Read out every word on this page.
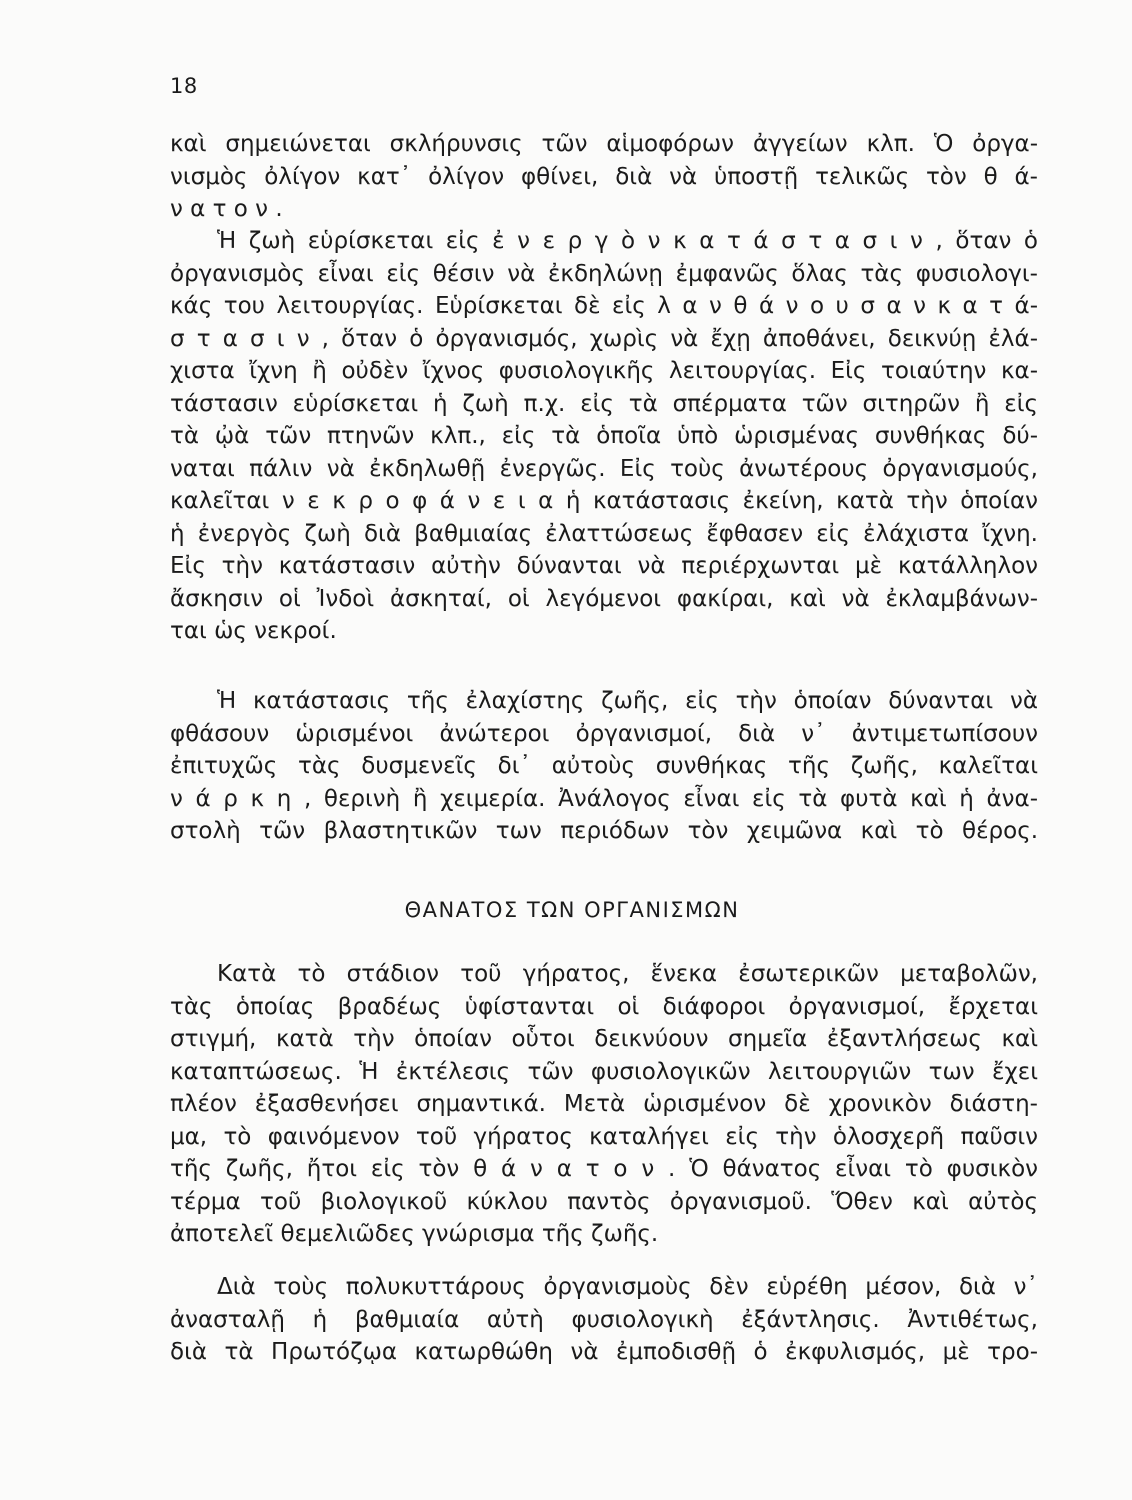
18
καὶ σημειώνεται σκλήρυνσις τῶν αἱμοφόρων ἀγγείων κλπ. Ὁ ὀργα-
νισμὸς ὀλίγον κατ᾽ ὀλίγον φθίνει, διὰ νὰ ὑποστῇ τελικῶς τὸν θ ά-
ν α τ ο ν .
Ἡ ζωὴ εὑρίσκεται εἰς ἐ ν ε ρ γ ὸ ν κ α τ ά σ τ α σ ι ν , ὅταν ὁ
ὀργανισμὸς εἶναι εἰς θέσιν νὰ ἐκδηλώνῃ ἐμφανῶς ὅλας τὰς φυσιολογι-
κάς του λειτουργίας. Εὑρίσκεται δὲ εἰς λ α ν θ ά ν ο υ σ α ν κ α τ ά-
σ τ α σ ι ν , ὅταν ὁ ὀργανισμός, χωρὶς νὰ ἔχῃ ἀποθάνει, δεικνύῃ ἐλά-
χιστα ἴχνη ἢ οὐδὲν ἴχνος φυσιολογικῆς λειτουργίας. Εἰς τοιαύτην κα-
τάστασιν εὑρίσκεται ἡ ζωὴ π.χ. εἰς τὰ σπέρματα τῶν σιτηρῶν ἢ εἰς
τὰ ᾠὰ τῶν πτηνῶν κλπ., εἰς τὰ ὁποῖα ὑπὸ ὡρισμένας συνθήκας δύ-
ναται πάλιν νὰ ἐκδηλωθῇ ἐνεργῶς. Εἰς τοὺς ἀνωτέρους ὀργανισμούς,
καλεῖται ν ε κ ρ ο φ ά ν ε ι α ἡ κατάστασις ἐκείνη, κατὰ τὴν ὁποίαν
ἡ ἐνεργὸς ζωὴ διὰ βαθμιαίας ἐλαττώσεως ἔφθασεν εἰς ἐλάχιστα ἴχνη.
Εἰς τὴν κατάστασιν αὐτὴν δύνανται νὰ περιέρχωνται μὲ κατάλληλον
ἄσκησιν οἱ Ἰνδοὶ ἀσκηταί, οἱ λεγόμενοι φακίραι, καὶ νὰ ἐκλαμβάνων-
ται ὡς νεκροί.
Ἡ κατάστασις τῆς ἐλαχίστης ζωῆς, εἰς τὴν ὁποίαν δύνανται νὰ
φθάσουν ὡρισμένοι ἀνώτεροι ὀργανισμοί, διὰ ν᾽ ἀντιμετωπίσουν
ἐπιτυχῶς τὰς δυσμενεῖς δι᾽ αὐτοὺς συνθήκας τῆς ζωῆς, καλεῖται
ν ά ρ κ η , θερινὴ ἢ χειμερία. Ἀνάλογος εἶναι εἰς τὰ φυτὰ καὶ ἡ ἀνα-
στολὴ τῶν βλαστητικῶν των περιόδων τὸν χειμῶνα καὶ τὸ θέρος.
ΘΑΝΑΤΟΣ ΤΩΝ ΟΡΓΑΝΙΣΜΩΝ
Κατὰ τὸ στάδιον τοῦ γήρατος, ἕνεκα ἐσωτερικῶν μεταβολῶν,
τὰς ὁποίας βραδέως ὑφίστανται οἱ διάφοροι ὀργανισμοί, ἔρχεται
στιγμή, κατὰ τὴν ὁποίαν οὗτοι δεικνύουν σημεῖα ἐξαντλήσεως καὶ
καταπτώσεως. Ἡ ἐκτέλεσις τῶν φυσιολογικῶν λειτουργιῶν των ἔχει
πλέον ἐξασθενήσει σημαντικά. Μετὰ ὡρισμένον δὲ χρονικὸν διάστη-
μα, τὸ φαινόμενον τοῦ γήρατος καταλήγει εἰς τὴν ὁλοσχερῆ παῦσιν
τῆς ζωῆς, ἤτοι εἰς τὸν θ ά ν α τ ο ν . Ὁ θάνατος εἶναι τὸ φυσικὸν
τέρμα τοῦ βιολογικοῦ κύκλου παντὸς ὀργανισμοῦ. Ὅθεν καὶ αὐτὸς
ἀποτελεῖ θεμελιῶδες γνώρισμα τῆς ζωῆς.
Διὰ τοὺς πολυκυττάρους ὀργανισμοὺς δὲν εὑρέθη μέσον, διὰ ν᾽
ἀνασταλῇ ἡ βαθμιαία αὐτὴ φυσιολογικὴ ἐξάντλησις. Ἀντιθέτως,
διὰ τὰ Πρωτόζῳα κατωρθώθη νὰ ἐμποδισθῇ ὁ ἐκφυλισμός, μὲ τρο-
